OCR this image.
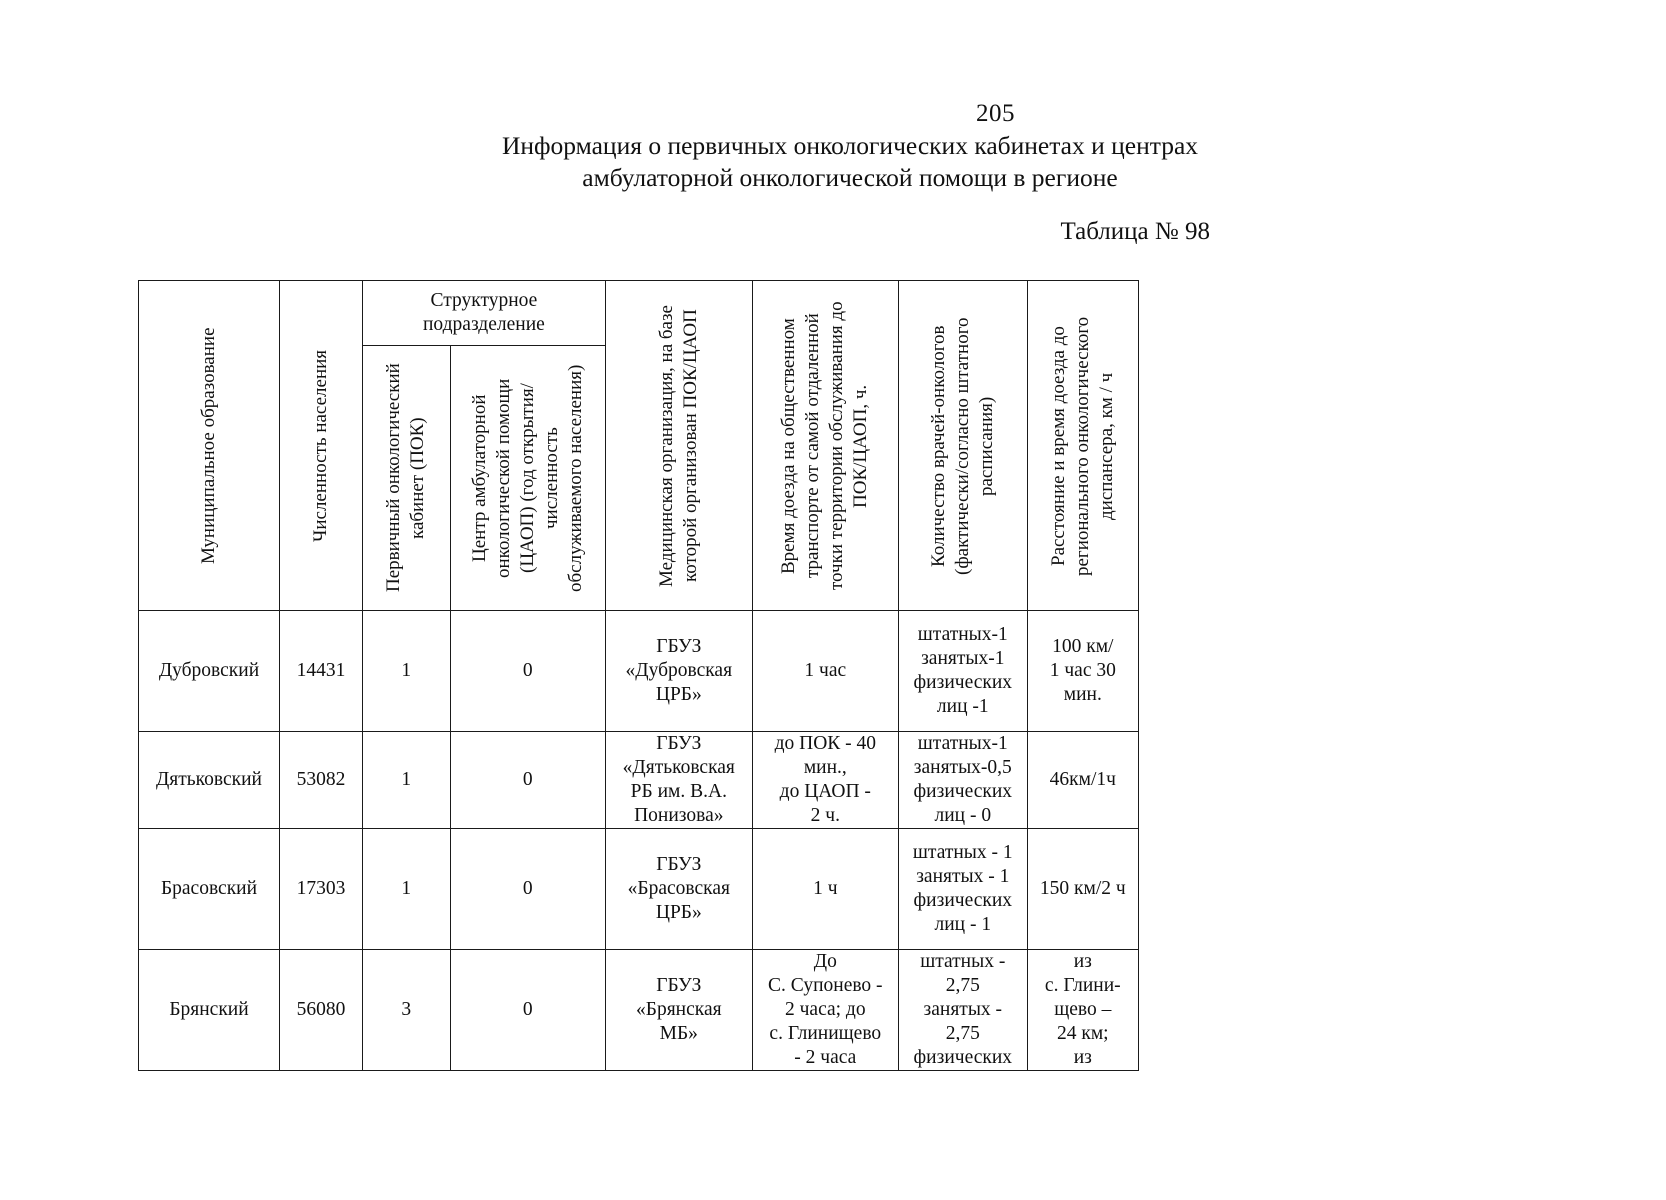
205
Информация о первичных онкологических кабинетах и центрах
амбулаторной онкологической помощи в регионе
Таблица № 98
Муниципальное образование	Численность населения	Структурное подразделение		Медицинская организация, на базе которой организован ПОК/ЦАОП	Время доезда на общественном транспорте от самой отдаленной точки территории обслуживания до ПОК/ЦАОП, ч.	Количество врачей-онкологов (фактически/согласно штатного расписания)	Расстояние и время доезда до регионального онкологического диспансера, км / ч

		Первичный онкологический кабинет (ПОК)	Центр амбулаторной онкологической помощи (ЦАОП) (год открытия/численность обслуживаемого населения)				

Дубровский	14431	1	0	ГБУЗ
«Дубровская
ЦРБ»	1 час	штатных-1
занятых-1
физических
лиц -1	100 км/
1 час 30
мин.

Дятьковский	53082	1	0	ГБУЗ
«Дятьковская
РБ им. В.А.
Понизова»	до ПОК - 40
мин.,
до ЦАОП -
2 ч.	штатных-1
занятых-0,5
физических
лиц - 0	46км/1ч

Брасовский	17303	1	0	ГБУЗ
«Брасовская
ЦРБ»	1 ч	штатных - 1
занятых - 1
физических
лиц - 1	150 км/2 ч

Брянский	56080	3	0	ГБУЗ
«Брянская
МБ»	До
С. Супонево -
2 часа; до
с. Глинищево
- 2 часа	штатных -
2,75
занятых -
2,75
физических	из
с. Глини-
щево –
24 км;
из
